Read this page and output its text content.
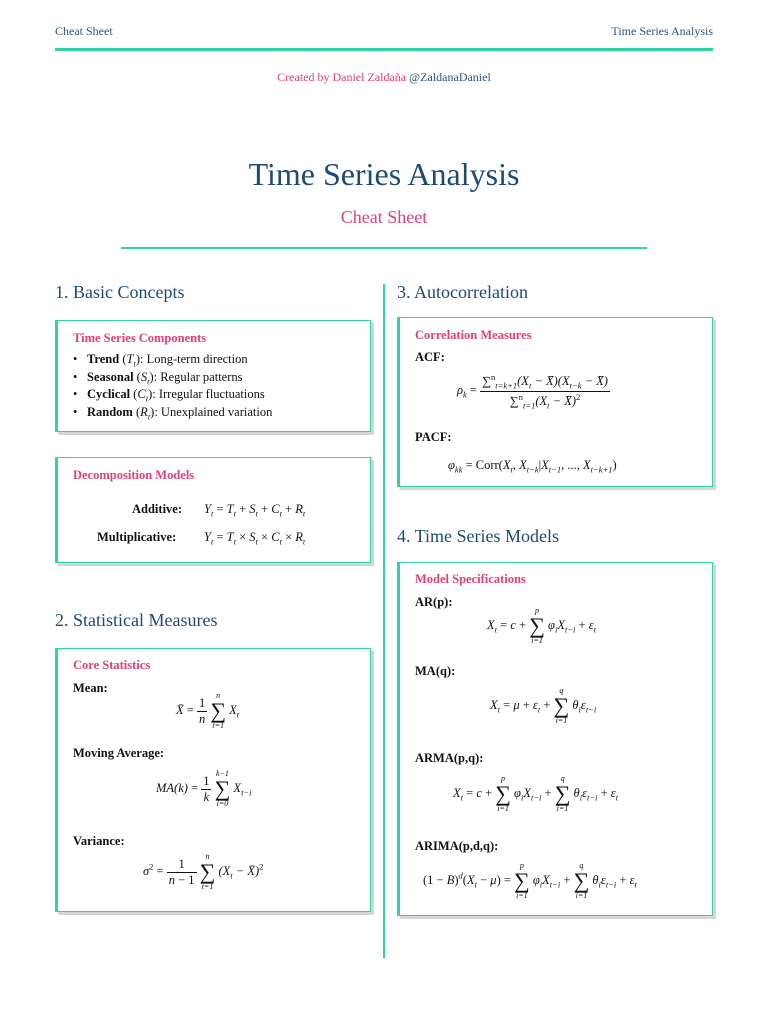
Cheat Sheet	Time Series Analysis
Created by Daniel Zaldaña @ZaldanaDaniel
Time Series Analysis
Cheat Sheet
1. Basic Concepts
2. Statistical Measures
3. Autocorrelation
4. Time Series Models
Time Series Components
• Trend $(T_t)$: Long-term direction
• Seasonal $(S_t)$: Regular patterns
• Cyclical $(C_t)$: Irregular fluctuations
• Random $(R_t)$: Unexplained variation
Decomposition Models
Additive: $Y_t = T_t + S_t + C_t + R_t$
Multiplicative: $Y_t = T_t \times S_t \times C_t \times R_t$
Core Statistics
Mean:
X̄ = $\frac{1}{n}$
	n
∑
t=1
$X_t$
Moving Average:
$MA(k) = \frac{1}{k}$
k−1
∑
i=0
$X_{t-i}$
Variance:
$\sigma^2 = \frac{1}{n - 1}$
	n
∑
t=1
($X_t$ − X̄)$^2$
Correlation Measures
ACF:
$\rho_k = \frac{\sum^n_{t=k+1}(X_t - X̄)(X_{t-k} - X̄)}{\sum^n_{t=1}(X_t - X̄)^2}$
PACF:
$\varphi_{kk}$ = $Corr(X_t$, $X_{t-k}|X_{t-1}$, ..., $X_{t-k+1}$)
Model Specifications
AR(p):
$X_t = c$ +
p
∑
i=1
$\varphi_iX_{t-i} + \varepsilon_t$
MA(q):
$X_t = \mu + \varepsilon_t$ +
q
∑
i=1
$\theta_i\varepsilon_{t-i}$
ARMA(p,q):
$X_t = c$ +
p
∑
i=1
$\varphi_iX_{t-i}$ +
q
∑
i=1
$\theta_i\varepsilon_{t-i} + \varepsilon_t$
ARIMA(p,d,q):
$(1 - B)^d(X_t - \mu)$ =
p
∑
i=1
$\varphi_iX_{t-i}$ +
q
∑
i=1
$\theta_i\varepsilon_{t-i} + \varepsilon_t$
